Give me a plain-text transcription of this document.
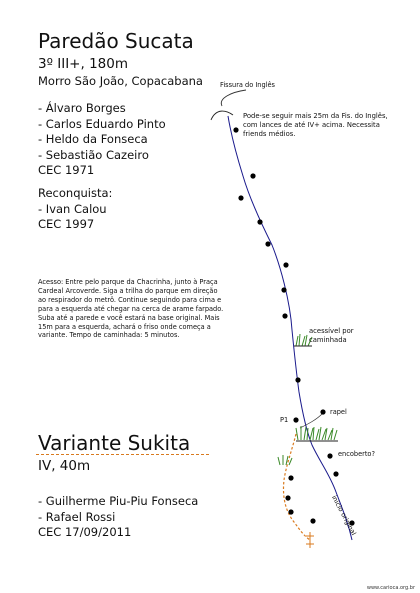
Paredão Sucata
3º III+, 180m
Morro São João, Copacabana
- Álvaro Borges
- Carlos Eduardo Pinto
- Heldo da Fonseca
- Sebastião Cazeiro
CEC 1971
Reconquista:
- Ivan Calou
CEC 1997
Acesso: Entre pelo parque da Chacrinha, junto à Praça Cardeal Arcoverde. Siga a trilha do parque em direção ao respirador do metrô. Continue seguindo para cima e para a esquerda até chegar na cerca de arame farpado. Suba até a parede e você estará na base original. Mais 15m para a esquerda, achará o friso onde começa a variante. Tempo de caminhada: 5 minutos.
Fissura do Inglês
Pode-se seguir mais 25m da Fis. do Inglês, com lances de até IV+ acima. Necessita friends médios.
acessível por caminhada
rapel
P1
encoberto?
início original
Variante Sukita
IV, 40m
- Guilherme Piu-Piu Fonseca
- Rafael Rossi
CEC 17/09/2011
www.carioca.org.br
